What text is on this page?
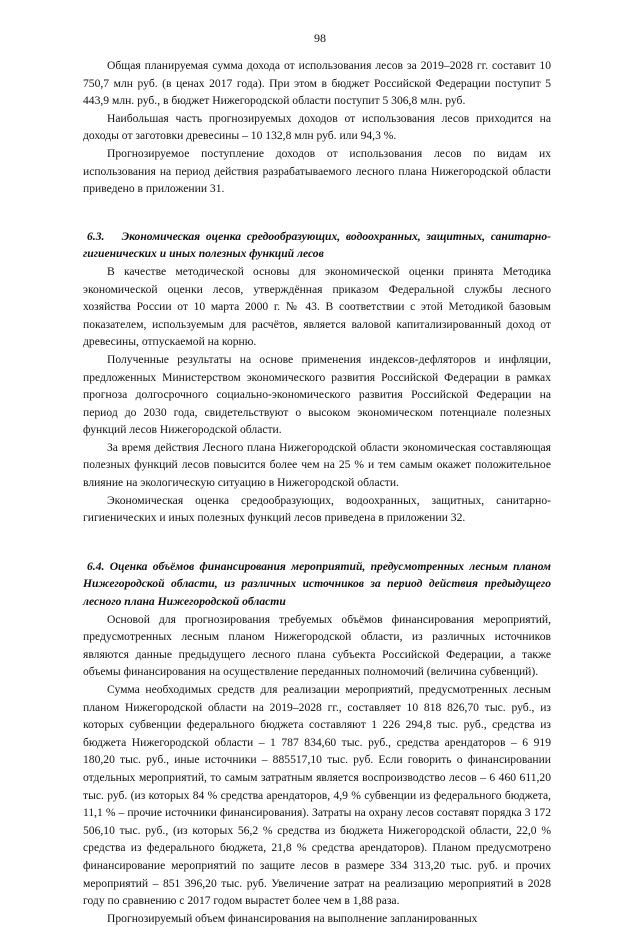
98

Общая планируемая сумма дохода от использования лесов за 2019–2028 гг. составит 10 750,7 млн руб. (в ценах 2017 года). При этом в бюджет Российской Федерации поступит 5 443,9 млн. руб., в бюджет Нижегородской области поступит 5 306,8 млн. руб.

Наибольшая часть прогнозируемых доходов от использования лесов приходится на доходы от заготовки древесины – 10 132,8 млн руб. или 94,3 %.

Прогнозируемое поступление доходов от использования лесов по видам их использования на период действия разрабатываемого лесного плана Нижегородской области приведено в приложении 31.

6.3. Экономическая оценка средообразующих, водоохранных, защитных, санитарно-гигиенических и иных полезных функций лесов

В качестве методической основы для экономической оценки принята Методика экономической оценки лесов, утверждённая приказом Федеральной службы лесного хозяйства России от 10 марта 2000 г. № 43. В соответствии с этой Методикой базовым показателем, используемым для расчётов, является валовой капитализированный доход от древесины, отпускаемой на корню.

Полученные результаты на основе применения индексов-дефляторов и инфляции, предложенных Министерством экономического развития Российской Федерации в рамках прогноза долгосрочного социально-экономического развития Российской Федерации на период до 2030 года, свидетельствуют о высоком экономическом потенциале полезных функций лесов Нижегородской области.

За время действия Лесного плана Нижегородской области экономическая составляющая полезных функций лесов повысится более чем на 25 % и тем самым окажет положительное влияние на экологическую ситуацию в Нижегородской области.

Экономическая оценка средообразующих, водоохранных, защитных, санитарно-гигиенических и иных полезных функций лесов приведена в приложении 32.

6.4. Оценка объёмов финансирования мероприятий, предусмотренных лесным планом Нижегородской области, из различных источников за период действия предыдущего лесного плана Нижегородской области

Основой для прогнозирования требуемых объёмов финансирования мероприятий, предусмотренных лесным планом Нижегородской области, из различных источников являются данные предыдущего лесного плана субъекта Российской Федерации, а также объемы финансирования на осуществление переданных полномочий (величина субвенций).

Сумма необходимых средств для реализации мероприятий, предусмотренных лесным планом Нижегородской области на 2019–2028 гг., составляет 10 818 826,70 тыс. руб., из которых субвенции федерального бюджета составляют 1 226 294,8 тыс. руб., средства из бюджета Нижегородской области – 1 787 834,60 тыс. руб., средства арендаторов – 6 919 180,20 тыс. руб., иные источники – 885517,10 тыс. руб. Если говорить о финансировании отдельных мероприятий, то самым затратным является воспроизводство лесов – 6 460 611,20 тыс. руб. (из которых 84 % средства арендаторов, 4,9 % субвенции из федерального бюджета, 11,1 % – прочие источники финансирования). Затраты на охрану лесов составят порядка 3 172 506,10 тыс. руб., (из которых 56,2 % средства из бюджета Нижегородской области, 22,0 % средства из федерального бюджета, 21,8 % средства арендаторов). Планом предусмотрено финансирование мероприятий по защите лесов в размере 334 313,20 тыс. руб. и прочих мероприятий – 851 396,20 тыс. руб. Увеличение затрат на реализацию мероприятий в 2028 году по сравнению с 2017 годом вырастет более чем в 1,88 раза.

Прогнозируемый объем финансирования на выполнение запланированных
